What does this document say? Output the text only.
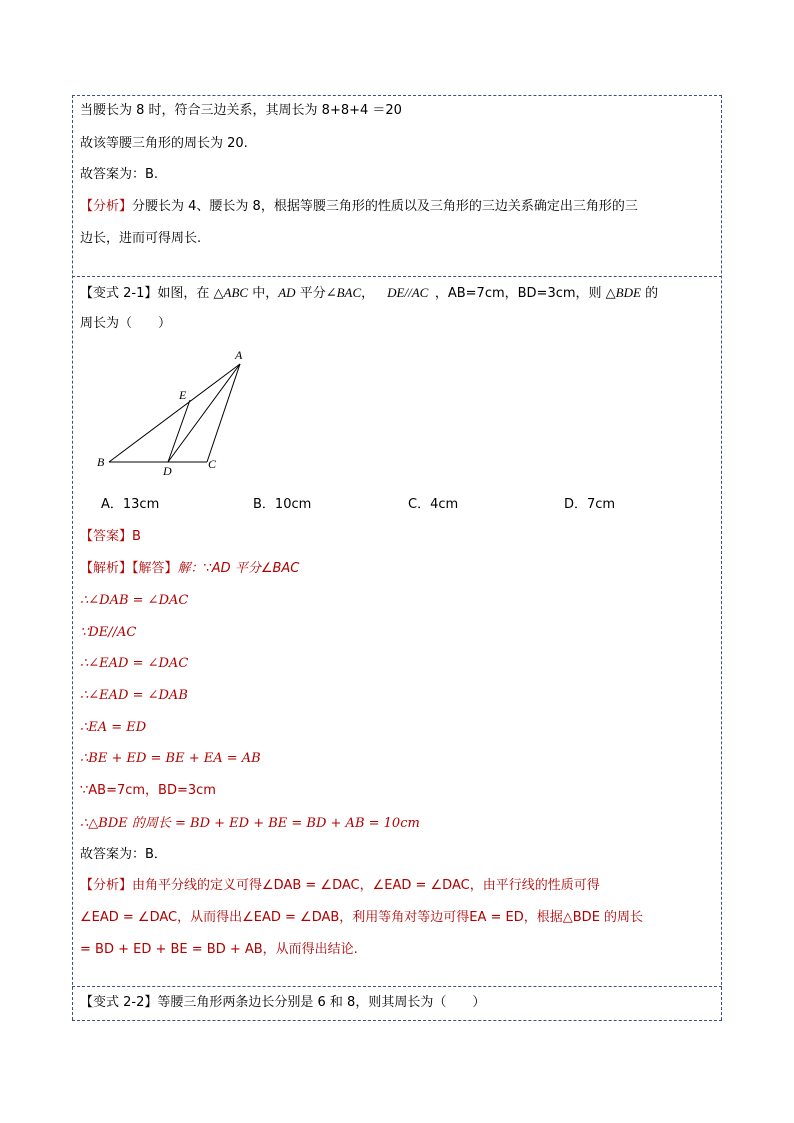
当腰长为 8 时，符合三边关系，其周长为 8+8+4 ＝20
故该等腰三角形的周长为 20.
故答案为：B.
【分析】分腰长为 4、腰长为 8，根据等腰三角形的性质以及三角形的三边关系确定出三角形的三
边长，进而可得周长.
【变式 2-1】如图，在 △ABC 中，AD 平分∠BAC，  DE//AC  ，AB=7cm，BD=3cm，则 △BDE 的
周长为（　　）
A
B	C
D
E
A．13cm	B．10cm	C．4cm	D．7cm
【答案】B
【解析】【解答】解：∵AD 平分∠BAC
∴∠DAB = ∠DAC
∵DE//AC
∴∠EAD = ∠DAC
∴∠EAD = ∠DAB
∴EA = ED
∴BE + ED = BE + EA = AB
∵AB=7cm，BD=3cm
∴△BDE 的周长 = BD + ED + BE = BD + AB = 10cm
故答案为：B．
【分析】由角平分线的定义可得∠DAB = ∠DAC，∠EAD = ∠DAC，由平行线的性质可得
∠EAD = ∠DAC，从而得出∠EAD = ∠DAB，利用等角对等边可得EA = ED，根据△BDE 的周长
= BD + ED + BE = BD + AB，从而得出结论.
【变式 2-2】等腰三角形两条边长分别是 6 和 8，则其周长为（　　）
